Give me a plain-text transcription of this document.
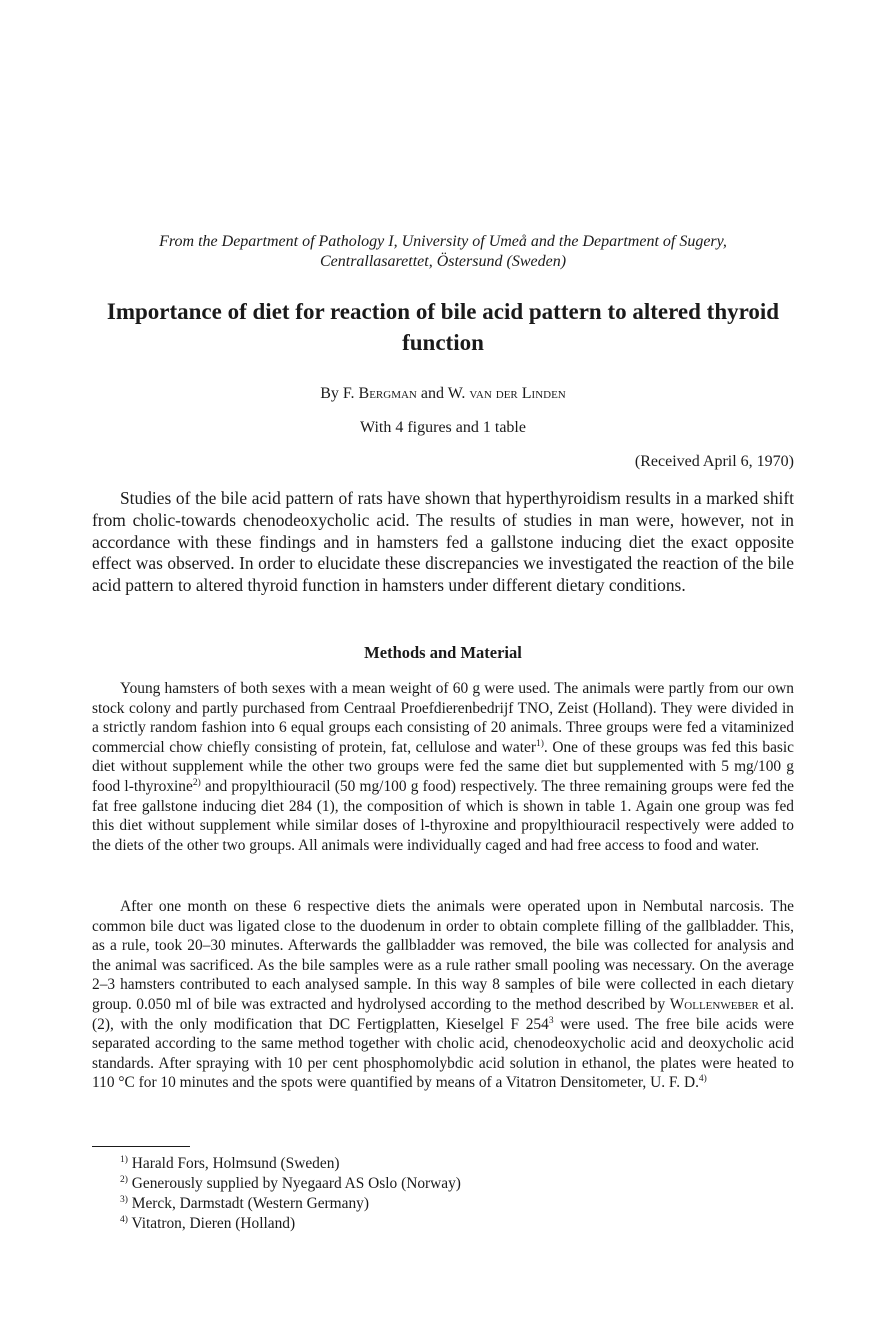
From the Department of Pathology I, University of Umeå and the Department of Sugery,
Centrallasarettet, Östersund (Sweden)
Importance of diet for reaction of bile acid pattern to altered thyroid function
By F. Bergman and W. van der Linden
With 4 figures and 1 table
(Received April 6, 1970)

Studies of the bile acid pattern of rats have shown that hyperthyroidism results in a marked shift from cholic-towards chenodeoxycholic acid. The results of studies in man were, however, not in accordance with these findings and in hamsters fed a gallstone inducing diet the exact opposite effect was observed. In order to elucidate these discrepancies we investigated the reaction of the bile acid pattern to altered thyroid function in hamsters under different dietary conditions.

Methods and Material

Young hamsters of both sexes with a mean weight of 60 g were used. The animals were partly from our own stock colony and partly purchased from Centraal Proefdierenbedrijf TNO, Zeist (Holland). They were divided in a strictly random fashion into 6 equal groups each consisting of 20 animals. Three groups were fed a vitaminized commercial chow chiefly consisting of protein, fat, cellulose and water$^{1)}$. One of these groups was fed this basic diet without supplement while the other two groups were fed the same diet but supplemented with 5 mg/100 g food l-thyroxine$^{2)}$ and propylthiouracil (50 mg/100 g food) respectively. The three remaining groups were fed the fat free gallstone inducing diet 284 (1), the composition of which is shown in table 1. Again one group was fed this diet without supplement while similar doses of l-thyroxine and propylthiouracil respectively were added to the diets of the other two groups. All animals were individually caged and had free access to food and water.

After one month on these 6 respective diets the animals were operated upon in Nembutal narcosis. The common bile duct was ligated close to the duodenum in order to obtain complete filling of the gallbladder. This, as a rule, took 20–30 minutes. Afterwards the gallbladder was removed, the bile was collected for analysis and the animal was sacrificed. As the bile samples were as a rule rather small pooling was necessary. On the average 2–3 hamsters contributed to each analysed sample. In this way 8 samples of bile were collected in each dietary group. 0.050 ml of bile was extracted and hydrolysed according to the method described by Wollenweber et al. (2), with the only modification that DC Fertigplatten, Kieselgel F $254^3$ were used. The free bile acids were separated according to the same method together with cholic acid, chenodeoxycholic acid and deoxycholic acid standards. After spraying with 10 per cent phosphomolybdic acid solution in ethanol, the plates were heated to 110 °C for 10 minutes and the spots were quantified by means of a Vitatron Densitometer, U. F. D.$^{4)}$

$^{1)}$ Harald Fors, Holmsund (Sweden)
$^{2)}$ Generously supplied by Nyegaard AS Oslo (Norway)
$^{3)}$ Merck, Darmstadt (Western Germany)
$^{4)}$ Vitatron, Dieren (Holland)
